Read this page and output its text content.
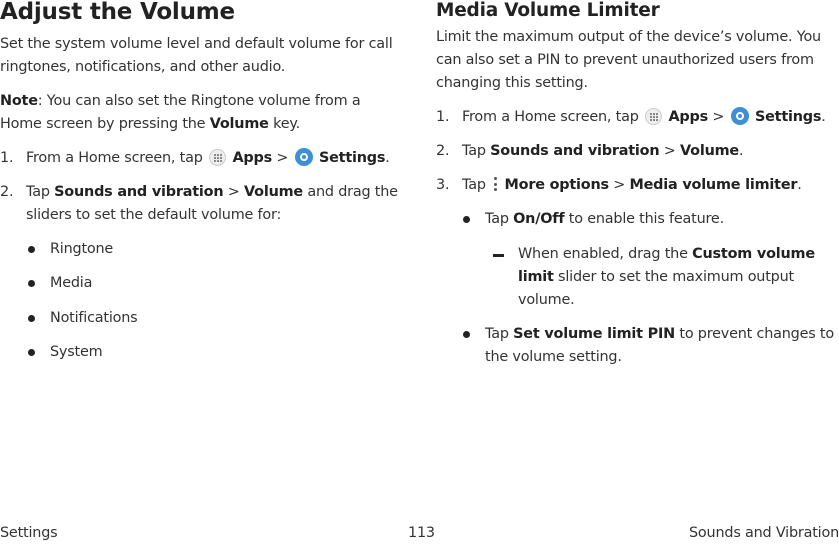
Adjust the Volume

Set the system volume level and default volume for call ringtones, notifications, and other audio.

Note: You can also set the Ringtone volume from a Home screen by pressing the Volume key.

1. From a Home screen, tap
Apps >  Settings.
2. Tap Sounds and vibration > Volume and drag the sliders to set the default volume for:
Ringtone
Media
Notifications
System
Media Volume Limiter

Limit the maximum output of the device’s volume. You can also set a PIN to prevent unauthorized users from changing this setting.

1. From a Home screen, tap
Apps >  Settings.
2. Tap Sounds and vibration > Volume.
3. Tap
More options > Media volume limiter.
Tap On/Off to enable this feature.
When enabled, drag the Custom volume limit slider to set the maximum output volume.
Tap Set volume limit PIN to prevent changes to the volume setting.
Settings	113	Sounds and Vibration
